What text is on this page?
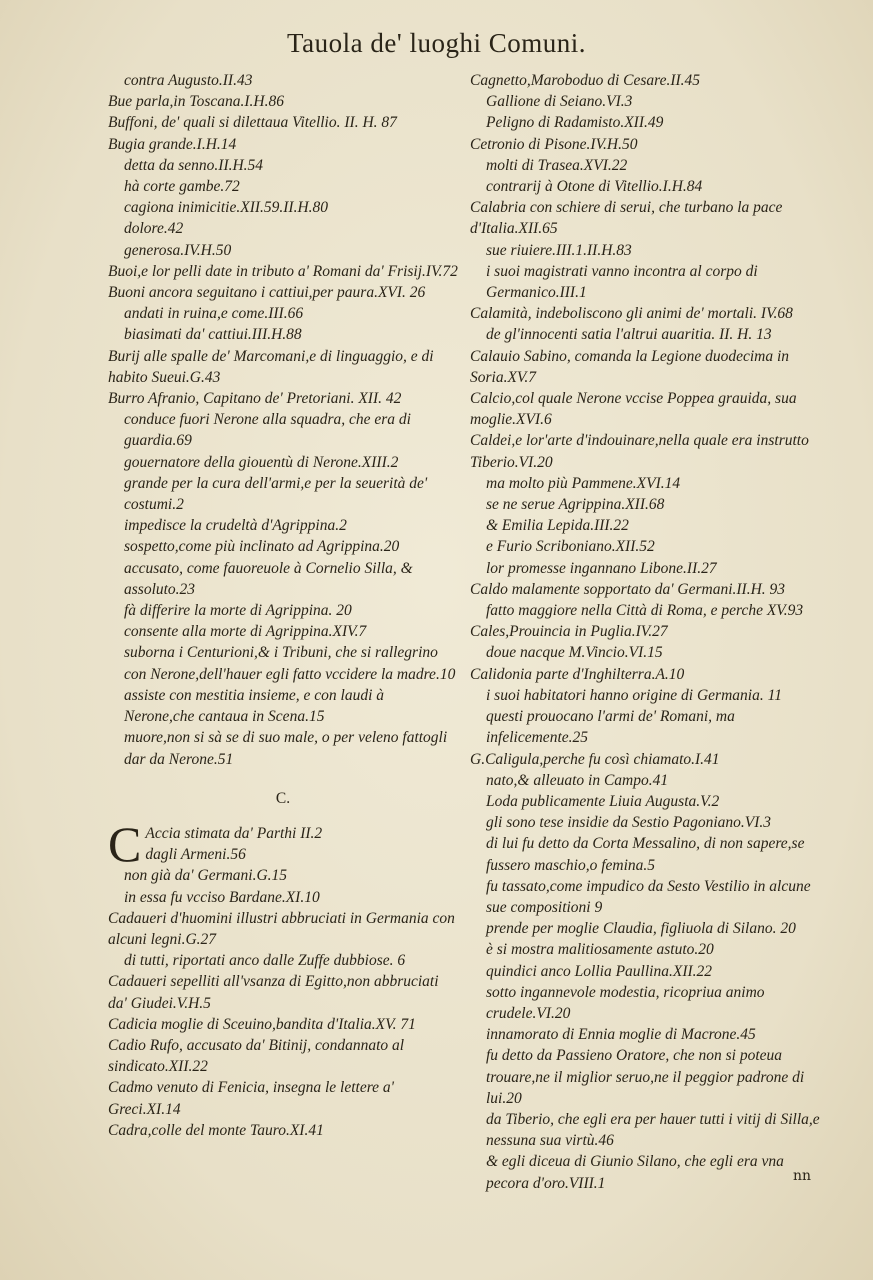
Tauola de' luoghi Comuni.

contra Augusto.II.43

Bue parla,in Toscana.I.H.86

Buffoni, de' quali si dilettaua Vitellio. II. H. 87

Bugia grande.I.H.14

detta da senno.II.H.54

hà corte gambe.72

cagiona inimicitie.XII.59.II.H.80

dolore.42

generosa.IV.H.50

Buoi,e lor pelli date in tributo a' Romani da' Frisij.IV.72

Buoni ancora seguitano i cattiui,per paura.XVI. 26

andati in ruina,e come.III.66

biasimati da' cattiui.III.H.88

Burij alle spalle de' Marcomani,e di linguaggio, e di habito Sueui.G.43

Burro Afranio, Capitano de' Pretoriani. XII. 42

conduce fuori Nerone alla squadra, che era di guardia.69

gouernatore della giouentù di Nerone.XIII.2

grande per la cura dell'armi,e per la seuerità de' costumi.2

impedisce la crudeltà d'Agrippina.2

sospetto,come più inclinato ad Agrippina.20

accusato, come fauoreuole à Cornelio Silla, & assoluto.23

fà differire la morte di Agrippina. 20

consente alla morte di Agrippina.XIV.7

suborna i Centurioni,& i Tribuni, che si rallegrino con Nerone,dell'hauer egli fatto vccidere la madre.10

assiste con mestitia insieme, e con laudi à Nerone,che cantaua in Scena.15

muore,non si sà se di suo male, o per veleno fattogli dar da Nerone.51

C.
C Accia stimata da' Parthi II.2

dagli Armeni.56

non già da' Germani.G.15

in essa fu vcciso Bardane.XI.10

Cadaueri d'huomini illustri abbruciati in Germania con alcuni legni.G.27

di tutti, riportati anco dalle Zuffe dubbiose. 6

Cadaueri sepelliti all'vsanza di Egitto,non abbruciati da' Giudei.V.H.5

Cadicia moglie di Sceuino,bandita d'Italia.XV. 71

Cadio Rufo, accusato da' Bitinij, condannato al sindicato.XII.22

Cadmo venuto di Fenicia, insegna le lettere a' Greci.XI.14

Cadra,colle del monte Tauro.XI.41

Cagnetto,Maroboduo di Cesare.II.45

Gallione di Seiano.VI.3

Peligno di Radamisto.XII.49

Cetronio di Pisone.IV.H.50

molti di Trasea.XVI.22

contrarij à Otone di Vitellio.I.H.84

Calabria con schiere di serui, che turbano la pace d'Italia.XII.65

sue riuiere.III.1.II.H.83

i suoi magistrati vanno incontra al corpo di Germanico.III.1

Calamità, indeboliscono gli animi de' mortali. IV.68

de gl'innocenti satia l'altrui auaritia. II. H. 13

Calauio Sabino, comanda la Legione duodecima in Soria.XV.7

Calcio,col quale Nerone vccise Poppea grauida, sua moglie.XVI.6

Caldei,e lor'arte d'indouinare,nella quale era instrutto Tiberio.VI.20

ma molto più Pammene.XVI.14

se ne serue Agrippina.XII.68

& Emilia Lepida.III.22

e Furio Scriboniano.XII.52

lor promesse ingannano Libone.II.27

Caldo malamente sopportato da' Germani.II.H. 93

fatto maggiore nella Città di Roma, e perche XV.93

Cales,Prouincia in Puglia.IV.27

doue nacque M.Vincio.VI.15

Calidonia parte d'Inghilterra.A.10

i suoi habitatori hanno origine di Germania. 11

questi prouocano l'armi de' Romani, ma infelicemente.25

G.Caligula,perche fu così chiamato.I.41

nato,& alleuato in Campo.41

Loda publicamente Liuia Augusta.V.2

gli sono tese insidie da Sestio Pagoniano.VI.3

di lui fu detto da Corta Messalino, di non sapere,se fussero maschio,o femina.5

fu tassato,come impudico da Sesto Vestilio in alcune sue compositioni 9

prende per moglie Claudia, figliuola di Silano. 20

è si mostra malitiosamente astuto.20

quindici anco Lollia Paullina.XII.22

sotto ingannevole modestia, ricopriua animo crudele.VI.20

innamorato di Ennia moglie di Macrone.45

fu detto da Passieno Oratore, che non si poteua trouare,ne il miglior seruo,ne il peggior padrone di lui.20

da Tiberio, che egli era per hauer tutti i vitij di Silla,e nessuna sua virtù.46

& egli diceua di Giunio Silano, che egli era vna pecora d'oro.VIII.1	nn
